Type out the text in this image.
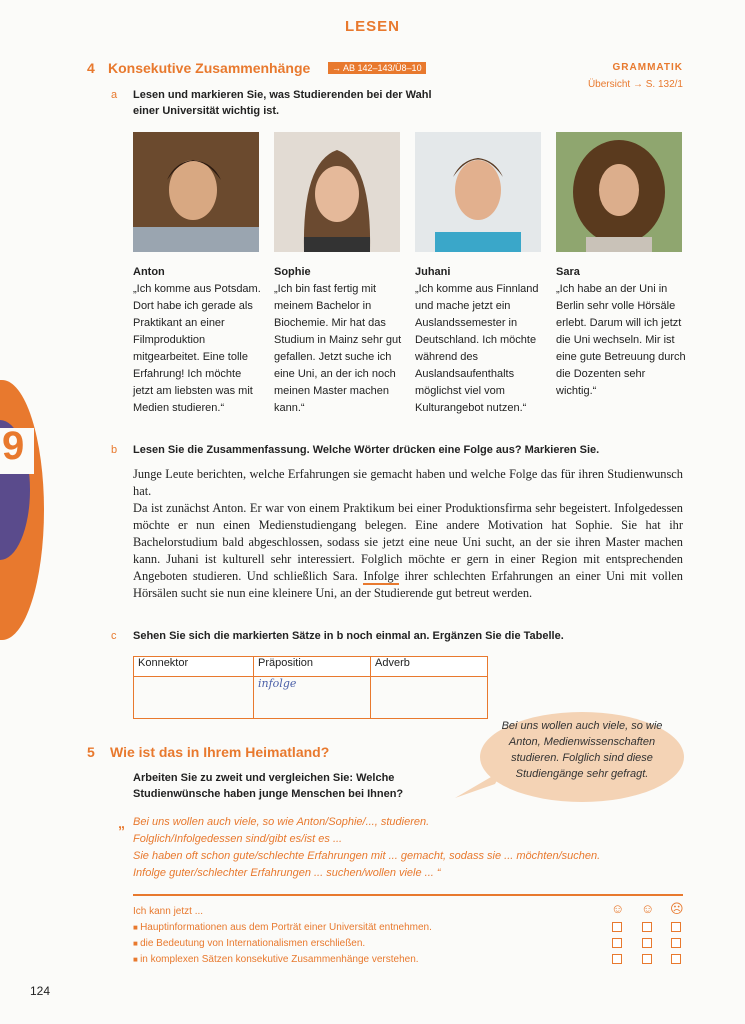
9
LESEN
4 Konsekutive Zusammenhänge	→ AB 142–143/Ü8–10	GRAMMATIK
Übersicht → S. 132/1
a Lesen und markieren Sie, was Studierenden bei der Wahl einer Universität wichtig ist.
Anton
„Ich komme aus Potsdam. Dort habe ich gerade als Praktikant an einer Filmproduktion mitgearbeitet. Eine tolle Erfahrung! Ich möchte jetzt am liebsten was mit Medien studieren.“
Sophie
„Ich bin fast fertig mit meinem Bachelor in Biochemie. Mir hat das Studium in Mainz sehr gut gefallen. Jetzt suche ich eine Uni, an der ich noch meinen Master machen kann.“
Juhani
„Ich komme aus Finnland und mache jetzt ein Auslandssemester in Deutschland. Ich möchte während des Auslandsaufenthalts möglichst viel vom Kulturangebot nutzen.“
Sara
„Ich habe an der Uni in Berlin sehr volle Hörsäle erlebt. Darum will ich jetzt die Uni wechseln. Mir ist eine gute Betreuung durch die Dozenten sehr wichtig.“
b Lesen Sie die Zusammenfassung. Welche Wörter drücken eine Folge aus? Markieren Sie.
Junge Leute berichten, welche Erfahrungen sie gemacht haben und welche Folge das für ihren Studienwunsch hat.
Da ist zunächst Anton. Er war von einem Praktikum bei einer Produktionsfirma sehr begeistert. Infolgedessen möchte er nun einen Medienstudiengang belegen. Eine andere Motivation hat Sophie. Sie hat ihr Bachelorstudium bald abgeschlossen, sodass sie jetzt eine neue Uni sucht, an der sie ihren Master machen kann. Juhani ist kulturell sehr interessiert. Folglich möchte er gern in einer Region mit entsprechenden Angeboten studieren. Und schließlich Sara. Infolge ihrer schlechten Erfahrungen an einer Uni mit vollen Hörsälen sucht sie nun eine kleinere Uni, an der Studierende gut betreut werden.
c Sehen Sie sich die markierten Sätze in b noch einmal an. Ergänzen Sie die Tabelle.
Konnektor	Präposition	Adverb
	infolge	
5 Wie ist das in Ihrem Heimatland?
Arbeiten Sie zu zweit und vergleichen Sie: Welche Studienwünsche haben junge Menschen bei Ihnen?
Bei uns wollen auch viele, so wie Anton, Medienwissenschaften studieren. Folglich sind diese Studiengänge sehr gefragt.
„ Bei uns wollen auch viele, so wie Anton/Sophie/..., studieren.
Folglich/Infolgedessen sind/gibt es/ist es ...
Sie haben oft schon gute/schlechte Erfahrungen mit ... gemacht, sodass sie ... möchten/suchen.
Infolge guter/schlechter Erfahrungen ... suchen/wollen viele ... “
Ich kann jetzt ...
■ Hauptinformationen aus dem Porträt einer Universität entnehmen.
■ die Bedeutung von Internationalismen erschließen.
■ in komplexen Sätzen konsekutive Zusammenhänge verstehen.
☺ ☺ ☹
124
